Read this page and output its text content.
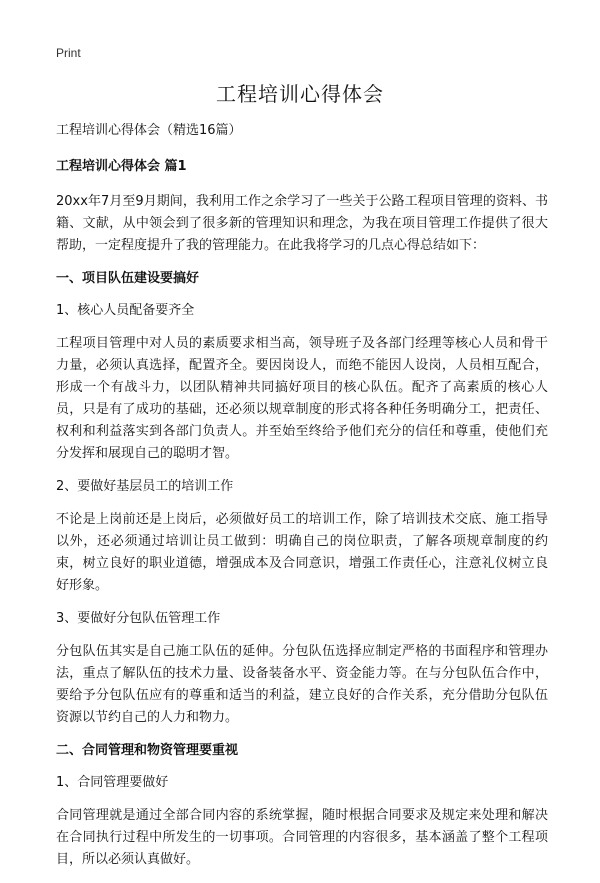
Print
工程培训心得体会
工程培训心得体会（精选16篇）
工程培训心得体会 篇1
20xx年7月至9月期间，我利用工作之余学习了一些关于公路工程项目管理的资料、书籍、文献，从中领会到了很多新的管理知识和理念，为我在项目管理工作提供了很大帮助，一定程度提升了我的管理能力。在此我将学习的几点心得总结如下：
一、项目队伍建设要搞好
1、核心人员配备要齐全
工程项目管理中对人员的素质要求相当高，领导班子及各部门经理等核心人员和骨干力量，必须认真选择，配置齐全。要因岗设人，而绝不能因人设岗，人员相互配合，形成一个有战斗力，以团队精神共同搞好项目的核心队伍。配齐了高素质的核心人员，只是有了成功的基础，还必须以规章制度的形式将各种任务明确分工，把责任、权利和利益落实到各部门负责人。并至始至终给予他们充分的信任和尊重，使他们充分发挥和展现自己的聪明才智。
2、要做好基层员工的培训工作
不论是上岗前还是上岗后，必须做好员工的培训工作，除了培训技术交底、施工指导以外，还必须通过培训让员工做到：明确自己的岗位职责，了解各项规章制度的约束，树立良好的职业道德，增强成本及合同意识，增强工作责任心，注意礼仪树立良好形象。
3、要做好分包队伍管理工作
分包队伍其实是自己施工队伍的延伸。分包队伍选择应制定严格的书面程序和管理办法，重点了解队伍的技术力量、设备装备水平、资金能力等。在与分包队伍合作中，要给予分包队伍应有的尊重和适当的利益，建立良好的合作关系，充分借助分包队伍资源以节约自己的人力和物力。
二、合同管理和物资管理要重视
1、合同管理要做好
合同管理就是通过全部合同内容的系统掌握，随时根据合同要求及规定来处理和解决在合同执行过程中所发生的一切事项。合同管理的内容很多，基本涵盖了整个工程项目，所以必须认真做好。
